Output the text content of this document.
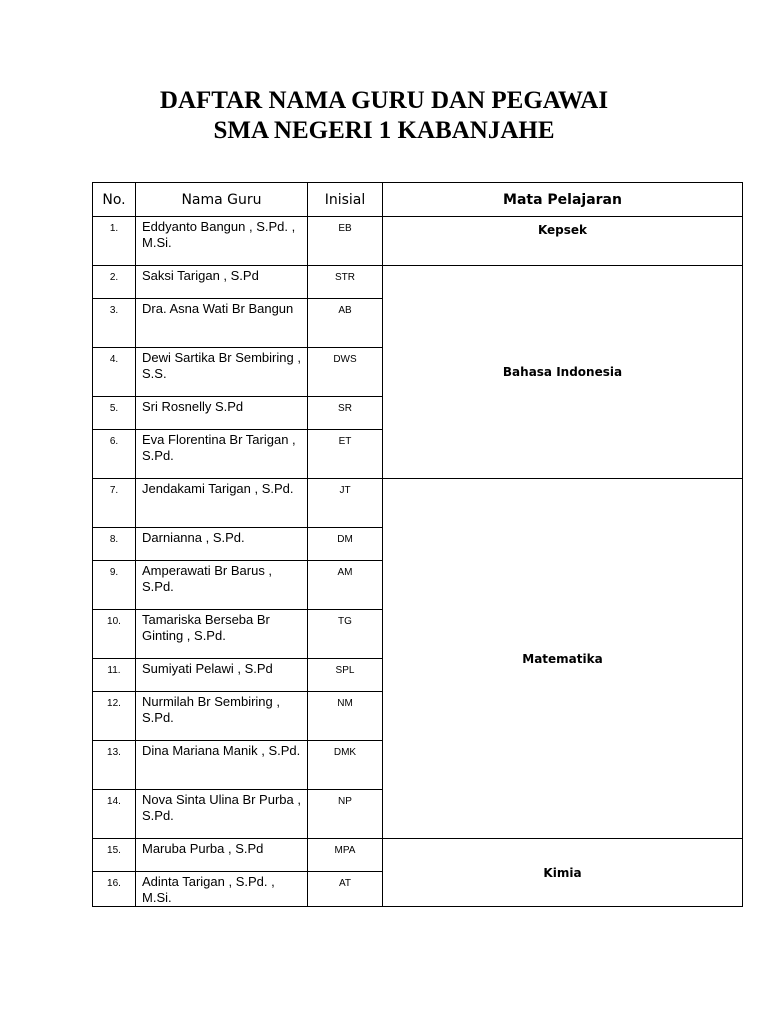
DAFTAR NAMA GURU DAN PEGAWAI
SMA NEGERI 1 KABANJAHE
No.	Nama Guru	Inisial	Mata Pelajaran
1.	Eddyanto Bangun , S.Pd. , M.Si.	EB	Kepsek
2.	Saksi Tarigan , S.Pd	STR	Bahasa Indonesia
3.	Dra. Asna Wati Br Bangun	AB	
4.	Dewi Sartika Br Sembiring , S.S.	DWS	
5.	Sri Rosnelly S.Pd	SR	
6.	Eva Florentina Br Tarigan , S.Pd.	ET	
7.	Jendakami Tarigan , S.Pd.	JT	Matematika
8.	Darnianna , S.Pd.	DM	
9.	Amperawati Br Barus , S.Pd.	AM	
10.	Tamariska Berseba Br Ginting , S.Pd.	TG	
11.	Sumiyati Pelawi , S.Pd	SPL	
12.	Nurmilah Br Sembiring , S.Pd.	NM	
13.	Dina Mariana Manik , S.Pd.	DMK	
14.	Nova Sinta Ulina Br Purba , S.Pd.	NP	
15.	Maruba Purba , S.Pd	MPA	Kimia
16.	Adinta Tarigan , S.Pd. , M.Si.	AT	
